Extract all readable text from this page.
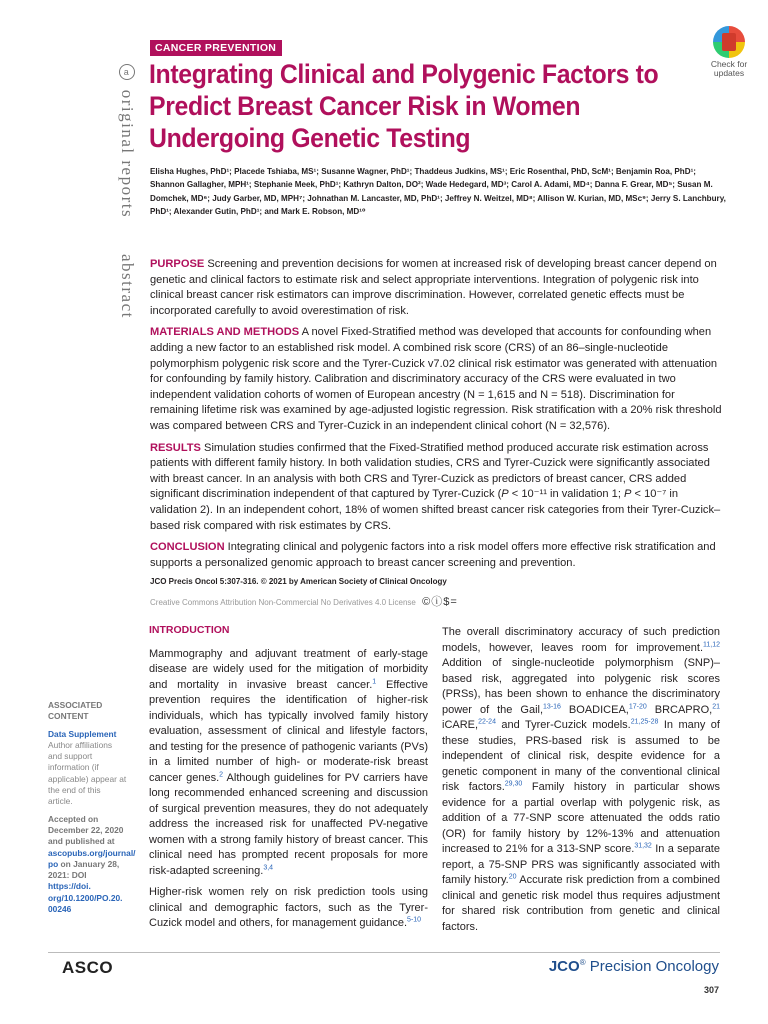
CANCER PREVENTION
Integrating Clinical and Polygenic Factors to Predict Breast Cancer Risk in Women Undergoing Genetic Testing
Check for updates
a original reports
abstract
Elisha Hughes, PhD¹; Placede Tshiaba, MS¹; Susanne Wagner, PhD¹; Thaddeus Judkins, MS¹; Eric Rosenthal, PhD, ScM¹; Benjamin Roa, PhD¹; Shannon Gallagher, MPH¹; Stephanie Meek, PhD¹; Kathryn Dalton, DO²; Wade Hedegard, MD³; Carol A. Adami, MD⁴; Danna F. Grear, MD⁵; Susan M. Domchek, MD⁶; Judy Garber, MD, MPH⁷; Johnathan M. Lancaster, MD, PhD¹; Jeffrey N. Weitzel, MD⁸; Allison W. Kurian, MD, MSc⁹; Jerry S. Lanchbury, PhD¹; Alexander Gutin, PhD¹; and Mark E. Robson, MD¹⁰

PURPOSE Screening and prevention decisions for women at increased risk of developing breast cancer depend on genetic and clinical factors to estimate risk and select appropriate interventions. Integration of polygenic risk into clinical breast cancer risk estimators can improve discrimination. However, correlated genetic effects must be incorporated carefully to avoid overestimation of risk.

MATERIALS AND METHODS A novel Fixed-Stratified method was developed that accounts for confounding when adding a new factor to an established risk model. A combined risk score (CRS) of an 86–single-nucleotide polymorphism polygenic risk score and the Tyrer-Cuzick v7.02 clinical risk estimator was generated with attenuation for confounding by family history. Calibration and discriminatory accuracy of the CRS were evaluated in two independent validation cohorts of women of European ancestry (N = 1,615 and N = 518). Discrimination for remaining lifetime risk was examined by age-adjusted logistic regression. Risk stratification with a 20% risk threshold was compared between CRS and Tyrer-Cuzick in an independent clinical cohort (N = 32,576).

RESULTS Simulation studies confirmed that the Fixed-Stratified method produced accurate risk estimation across patients with different family history. In both validation studies, CRS and Tyrer-Cuzick were significantly associated with breast cancer. In an analysis with both CRS and Tyrer-Cuzick as predictors of breast cancer, CRS added significant discrimination independent of that captured by Tyrer-Cuzick (P < 10⁻¹¹ in validation 1; P < 10⁻⁷ in validation 2). In an independent cohort, 18% of women shifted breast cancer risk categories from their Tyrer-Cuzick–based risk compared with risk estimates by CRS.

CONCLUSION Integrating clinical and polygenic factors into a risk model offers more effective risk stratification and supports a personalized genomic approach to breast cancer screening and prevention.

JCO Precis Oncol 5:307-316. © 2021 by American Society of Clinical Oncology
Creative Commons Attribution Non-Commercial No Derivatives 4.0 License ©ⓘ$=
ASSOCIATED
CONTENT
Data Supplement
Author affiliations
and support
information (if
applicable) appear at
the end of this
article.
Accepted on
December 22, 2020
and published at
ascopubs.org/journal/
po on January 28,
2021: DOI https://doi.
org/10.1200/PO.20.
00246
INTRODUCTION

Mammography and adjuvant treatment of early-stage disease are widely used for the mitigation of morbidity and mortality in invasive breast cancer.$^1$ Effective prevention requires the identification of higher-risk individuals, which has typically involved family history evaluation, assessment of clinical and lifestyle factors, and testing for the presence of pathogenic variants (PVs) in a limited number of high- or moderate-risk breast cancer genes.$^2$ Although guidelines for PV carriers have long recommended enhanced screening and discussion of surgical prevention measures, they do not adequately address the increased risk for unaffected PV-negative women with a strong family history of breast cancer. This clinical need has prompted recent proposals for more risk-adapted screening.$^{3,4}$

Higher-risk women rely on risk prediction tools using clinical and demographic factors, such as the Tyrer-Cuzick model and others, for management guidance.$^{5-10}$

The overall discriminatory accuracy of such prediction models, however, leaves room for improvement.$^{11,12}$ Addition of single-nucleotide polymorphism (SNP)–based risk, aggregated into polygenic risk scores (PRSs), has been shown to enhance the discriminatory power of the Gail,$^{13-16}$ BOADICEA,$^{17-20}$ BRCAPRO,$^{21}$ iCARE,$^{22-24}$ and Tyrer-Cuzick models.$^{21,25-28}$ In many of these studies, PRS-based risk is assumed to be independent of clinical risk, despite evidence for a genetic component in many of the conventional clinical risk factors.$^{29,30}$ Family history in particular shows evidence for a partial overlap with polygenic risk, as addition of a 77-SNP score attenuated the odds ratio (OR) for family history by 12%-13% and attenuation increased to 21% for a 313-SNP score.$^{31,32}$ In a separate report, a 75-SNP PRS was significantly associated with family history.$^{20}$ Accurate risk prediction from a combined clinical and genetic risk model thus requires adjustment for shared risk contribution from genetic and clinical factors.

ASCO	JCO® Precision Oncology
307
